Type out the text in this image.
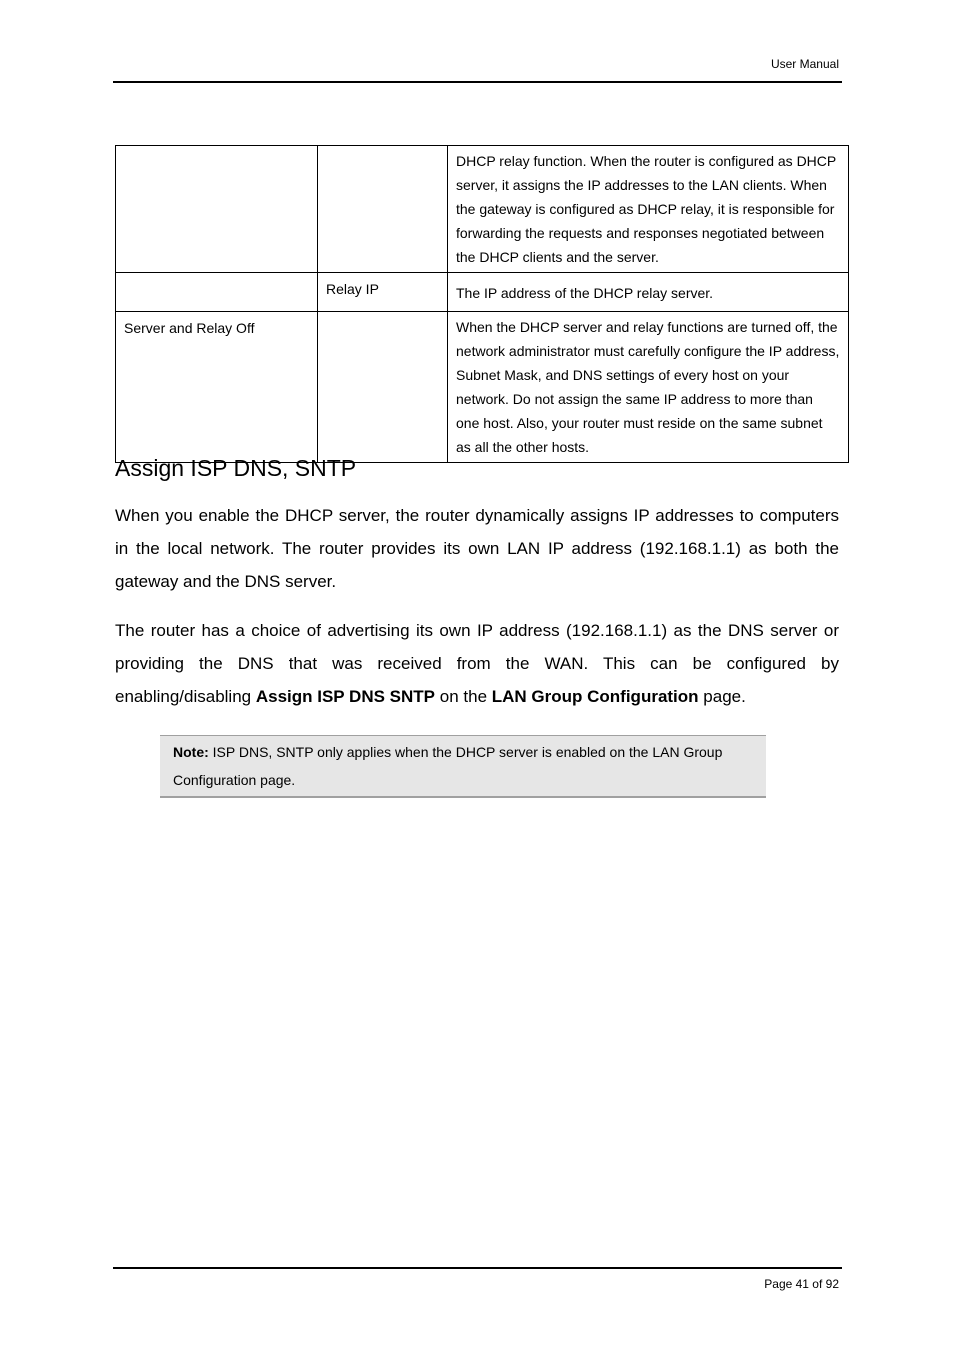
User Manual
		DHCP relay function. When the router is configured as DHCP server, it assigns the IP addresses to the LAN clients. When the gateway is configured as DHCP relay, it is responsible for forwarding the requests and responses negotiated between the DHCP clients and the server.
	Relay IP	The IP address of the DHCP relay server.
Server and Relay Off		When the DHCP server and relay functions are turned off, the network administrator must carefully configure the IP address, Subnet Mask, and DNS settings of every host on your network. Do not assign the same IP address to more than one host. Also, your router must reside on the same subnet as all the other hosts.
Assign ISP DNS, SNTP

When you enable the DHCP server, the router dynamically assigns IP addresses to computers in the local network. The router provides its own LAN IP address (192.168.1.1) as both the gateway and the DNS server.

The router has a choice of advertising its own IP address (192.168.1.1) as the DNS server or providing the DNS that was received from the WAN. This can be configured by enabling/disabling Assign ISP DNS SNTP on the LAN Group Configuration page.

Note: ISP DNS, SNTP only applies when the DHCP server is enabled on the LAN Group Configuration page.
Page 41 of 92
